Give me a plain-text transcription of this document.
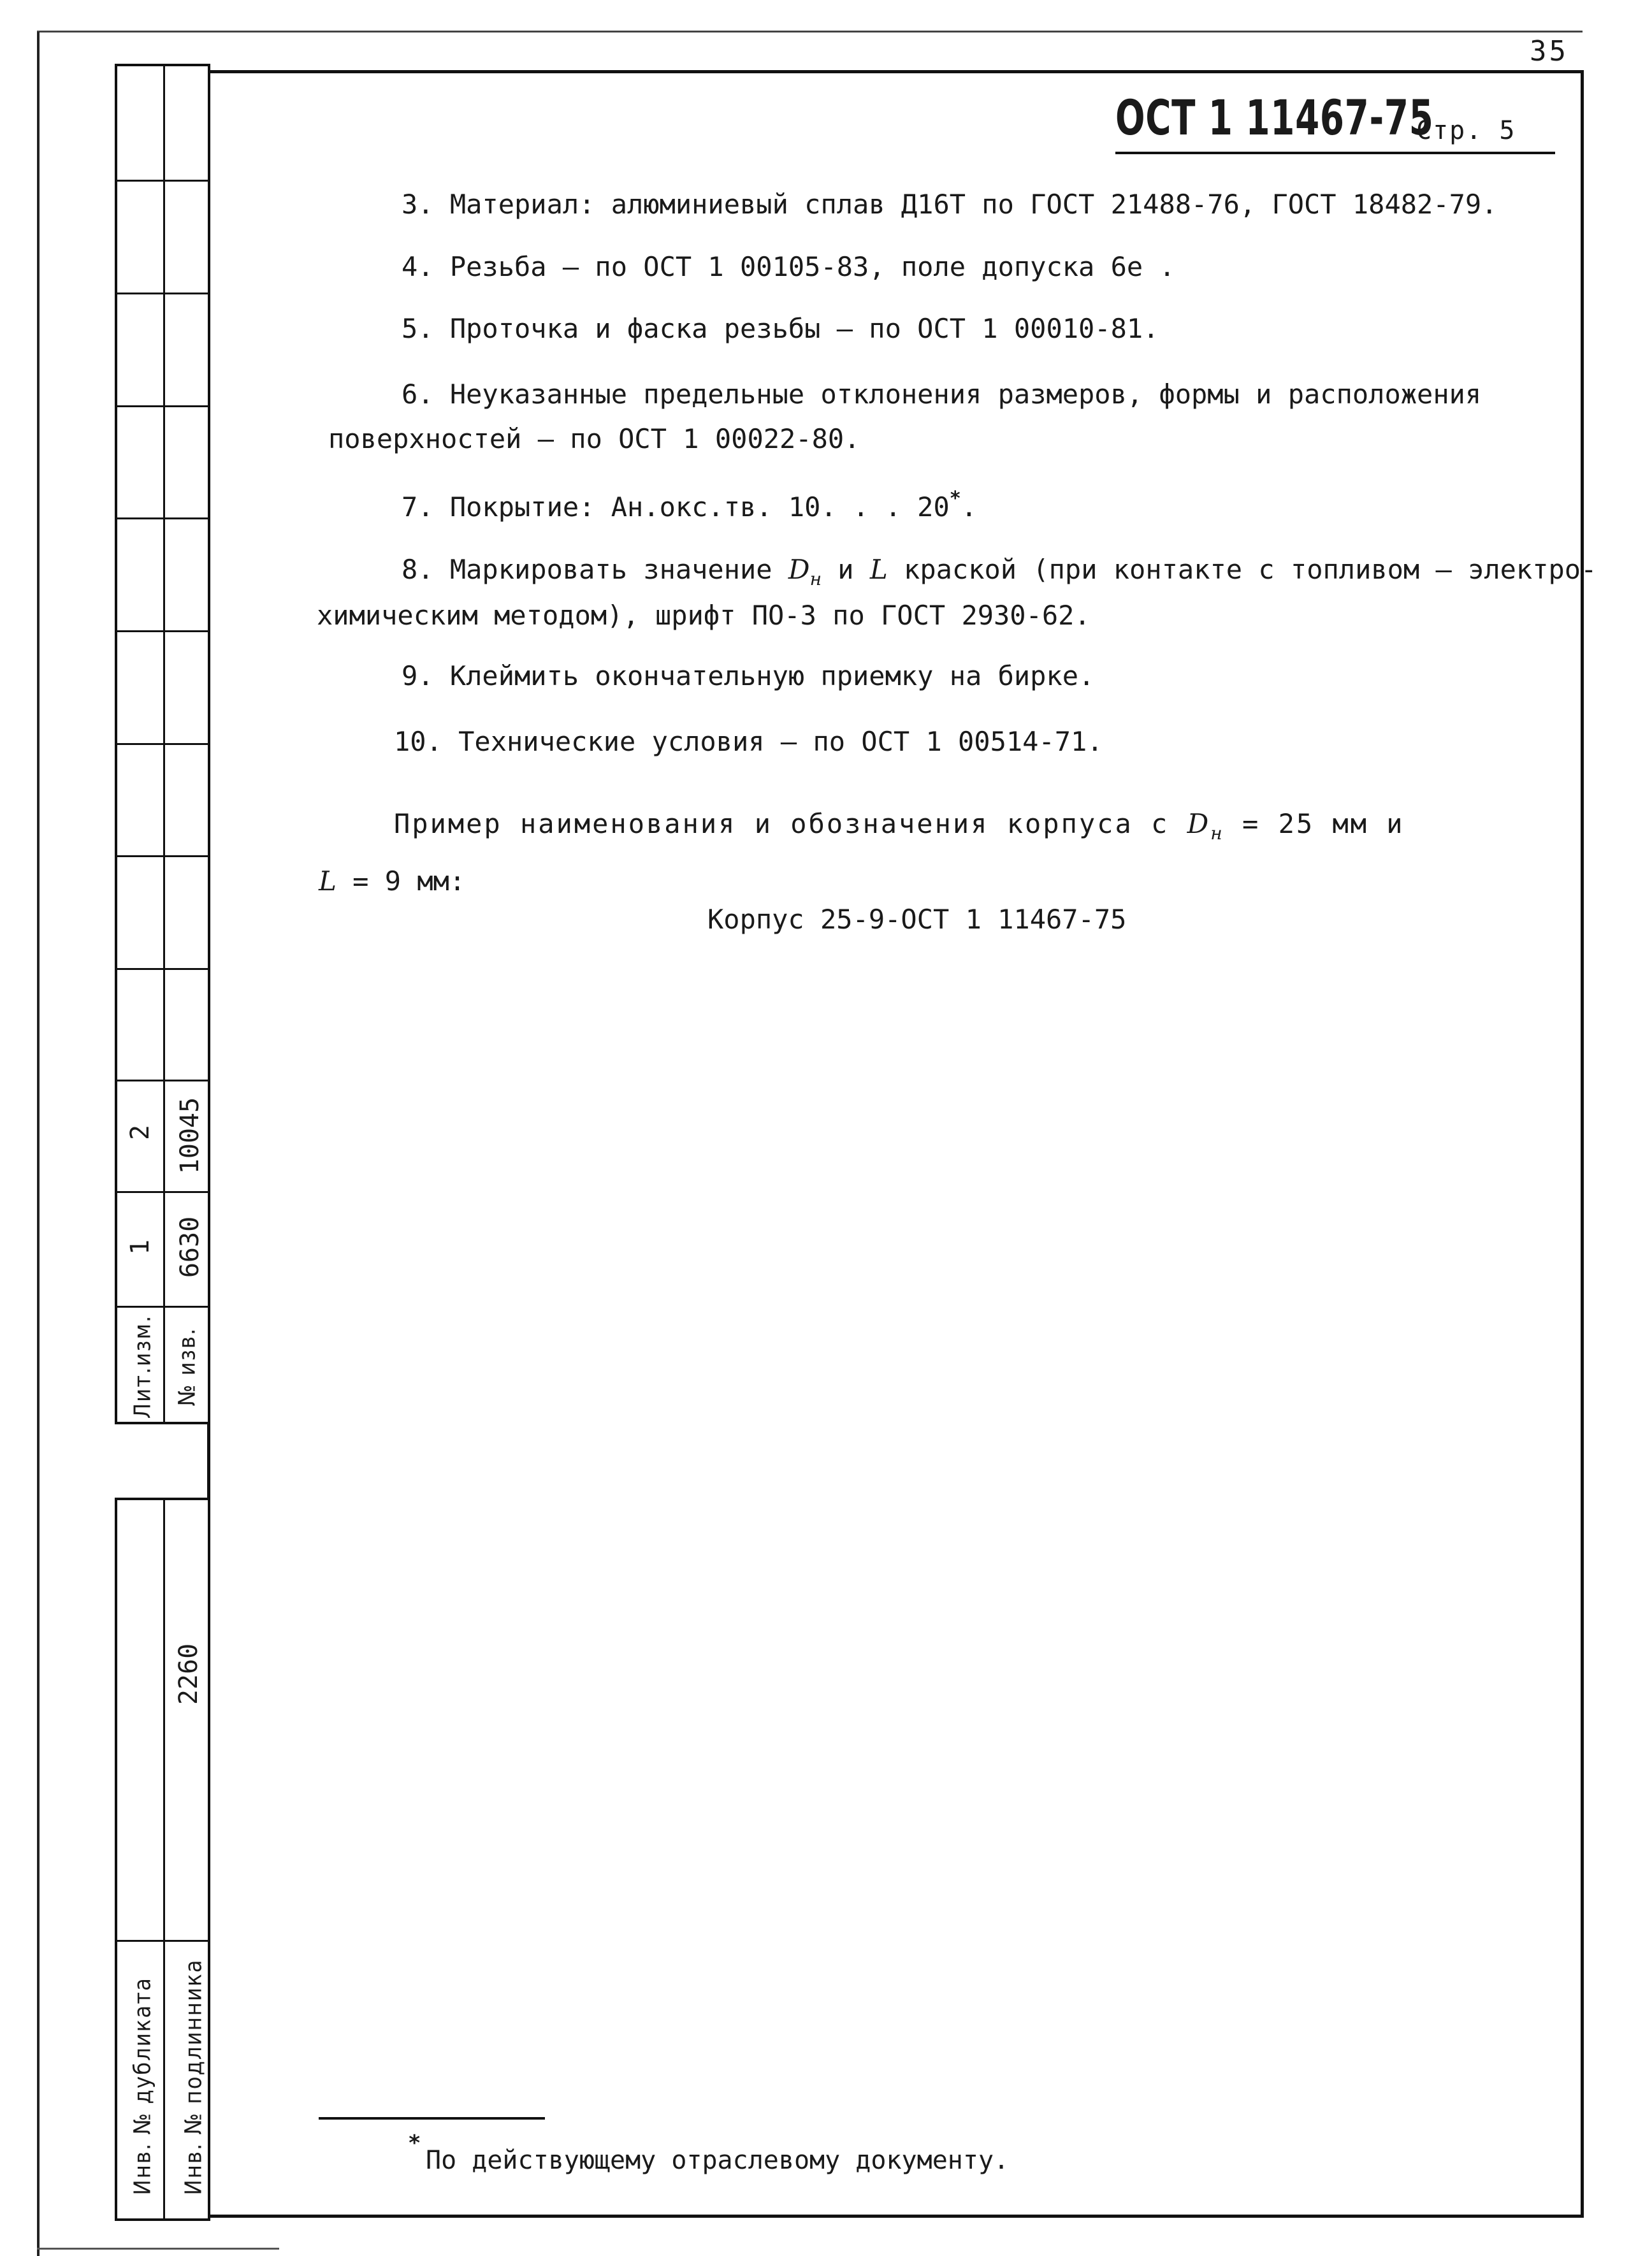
35
2 10045
1 6630
Лит.изм. № изв.
2260
Инв. № дубликата Инв. № подлинника
ОСТ 1 11467-75
Стр. 5
3. Материал: алюминиевый сплав Д16Т по ГОСТ 21488-76, ГОСТ 18482-79.
4. Резьба – по ОСТ 1 00105-83, поле допуска 6e .
5. Проточка и фаска резьбы – по ОСТ 1 00010-81.
6. Неуказанные предельные отклонения размеров, формы и расположения
поверхностей – по ОСТ 1 00022-80.
7. Покрытие: Ан.окс.тв. 10. . . 20*.
8. Маркировать значение $D_н$ и L краской (при контакте с топливом – электро-
химическим методом), шрифт ПО-3 по ГОСТ 2930-62.
9. Клеймить окончательную приемку на бирке.
10. Технические условия – по ОСТ 1 00514-71.
Пример наименования и обозначения корпуса с $D_н = 25$ мм и
L = 9 мм:
Корпус 25-9-ОСТ 1 11467-75
*
По действующему отраслевому документу.
